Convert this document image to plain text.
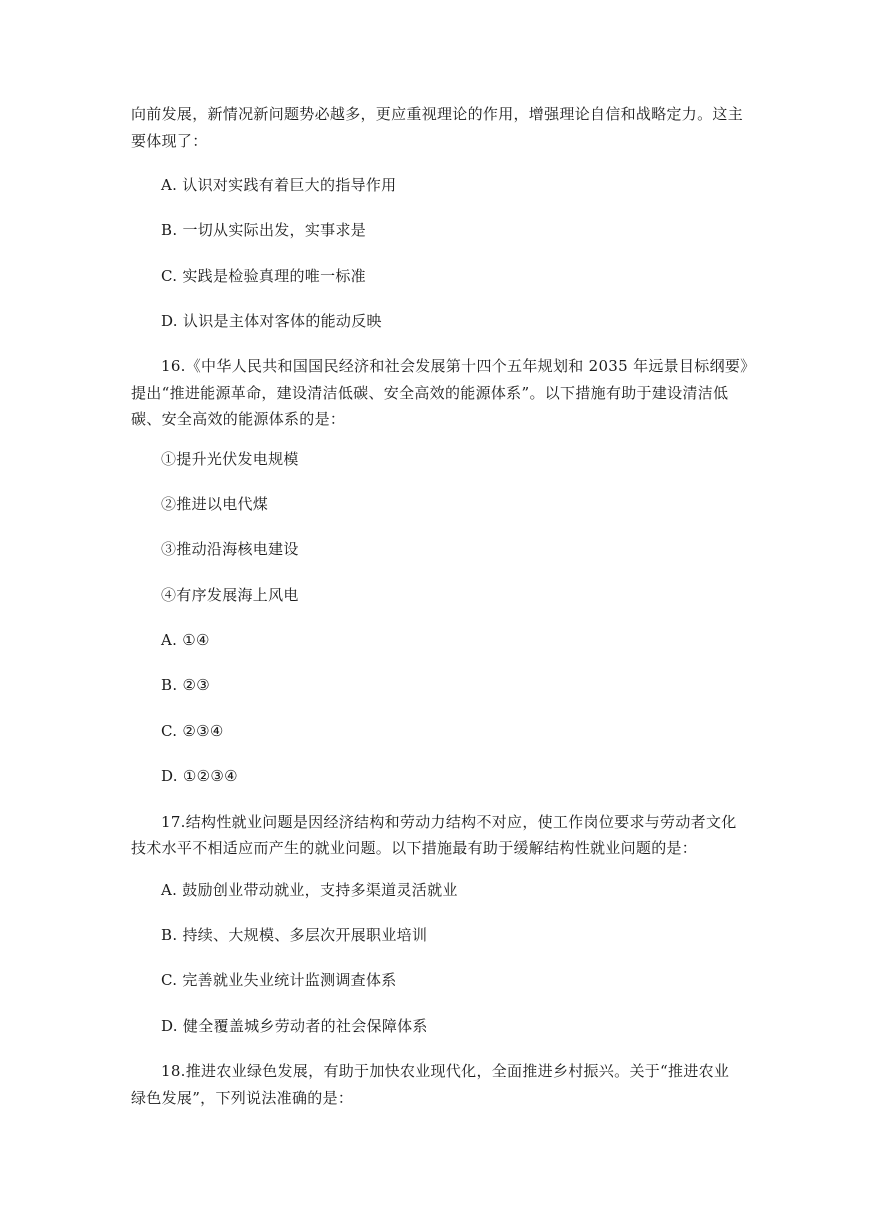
向前发展，新情况新问题势必越多，更应重视理论的作用，增强理论自信和战略定力。这主
要体现了：
A. 认识对实践有着巨大的指导作用
B. 一切从实际出发，实事求是
C. 实践是检验真理的唯一标准
D. 认识是主体对客体的能动反映
16.《中华人民共和国国民经济和社会发展第十四个五年规划和 2035 年远景目标纲要》
提出“推进能源革命，建设清洁低碳、安全高效的能源体系”。以下措施有助于建设清洁低
碳、安全高效的能源体系的是：
①提升光伏发电规模
②推进以电代煤
③推动沿海核电建设
④有序发展海上风电
A. ①④
B. ②③
C. ②③④
D. ①②③④
17.结构性就业问题是因经济结构和劳动力结构不对应，使工作岗位要求与劳动者文化
技术水平不相适应而产生的就业问题。以下措施最有助于缓解结构性就业问题的是：
A. 鼓励创业带动就业，支持多渠道灵活就业
B. 持续、大规模、多层次开展职业培训
C. 完善就业失业统计监测调查体系
D. 健全覆盖城乡劳动者的社会保障体系
18.推进农业绿色发展，有助于加快农业现代化，全面推进乡村振兴。关于“推进农业
绿色发展”，下列说法准确的是：
